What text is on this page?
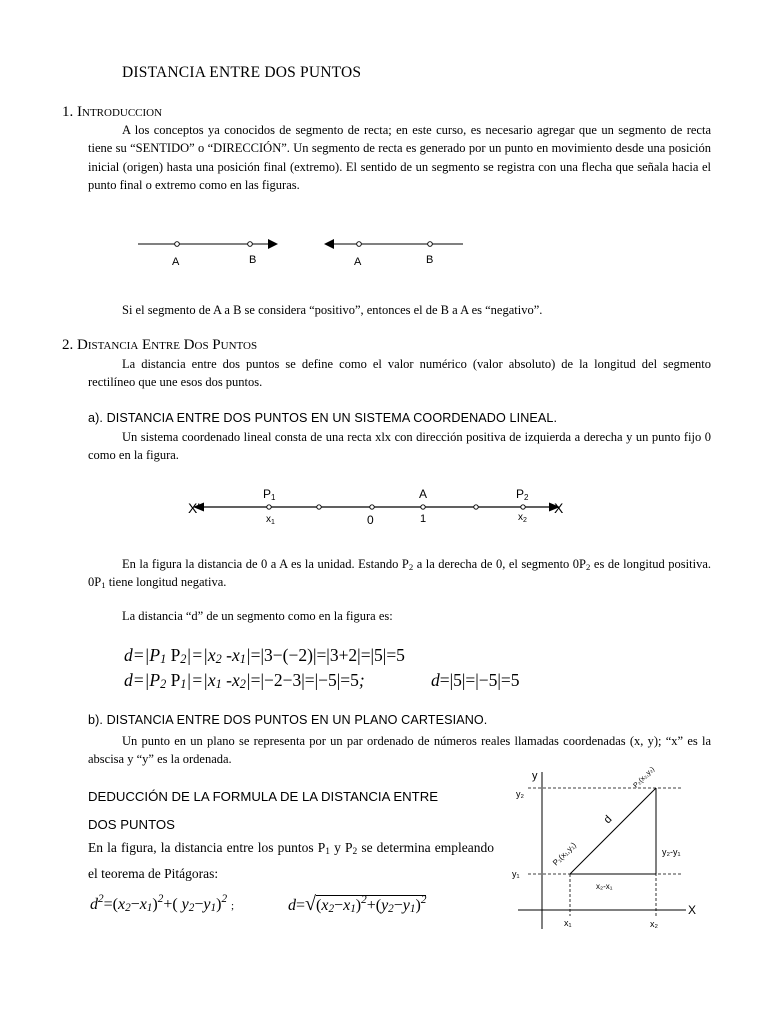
DISTANCIA ENTRE DOS PUNTOS
1. Introduccion
A los conceptos ya conocidos de segmento de recta; en este curso, es necesario agregar que un segmento de recta tiene su “SENTIDO” o “DIRECCIÓN”. Un segmento de recta es generado por un punto en movimiento desde una posición inicial (origen) hasta una posición final (extremo). El sentido de un segmento se registra con una flecha que señala hacia el punto final o extremo como en las figuras.
A	B	A	B
Si el segmento de A a B se considera “positivo”, entonces el de B a A es “negativo”.
2. Distancia Entre Dos Puntos
La distancia entre dos puntos se define como el valor numérico (valor absoluto) de la longitud del segmento rectilíneo que une esos dos puntos.
a). DISTANCIA ENTRE DOS PUNTOS EN UN SISTEMA COORDENADO LINEAL.
Un sistema coordenado lineal consta de una recta xlx con dirección positiva de izquierda a derecha y un punto fijo 0 como en la figura.
X'	X
P1
$x_1$	0
A
1
P2
$x_2$
En la figura la distancia de 0 a A es la unidad. Estando $P_2$ a la derecha de 0, el segmento $0P_2$ es de longitud positiva. $0P_1$ tiene longitud negativa.
La distancia “d” de un segmento como en la figura es:
$d=|P_1$ $P_2|=|x_2$ $-x_1|=|3-(-2)|=|3+2|=|5|=5$
$d=|P_2$ $P_1|=|x_1$ $-x_2|=|-2-3|=|-5|=5$;	d=|5|=|−5|=5
b). DISTANCIA ENTRE DOS PUNTOS EN UN PLANO CARTESIANO.
Un punto en un plano se representa por un par ordenado de números reales llamadas coordenadas (x, y); “x” es la abscisa y “y” es la ordenada.
DEDUCCIÓN DE LA FORMULA DE LA DISTANCIA ENTRE
DOS PUNTOS
En la figura, la distancia entre los puntos $P_1$ y $P_2$ se determina empleando el teorema de Pitágoras:
$d^2=(x_2-x_1)^2+$( $y_2-y_1)^2$ ;	$d=√(x_2-x_1)^2+(y_2-y_1)^2$
y
X
y₂
y₁
x₁	x₂
x₂-x₁
y₂-y₁
d
P₁(x₁,y₁)
P₂(x₂,y₂)
